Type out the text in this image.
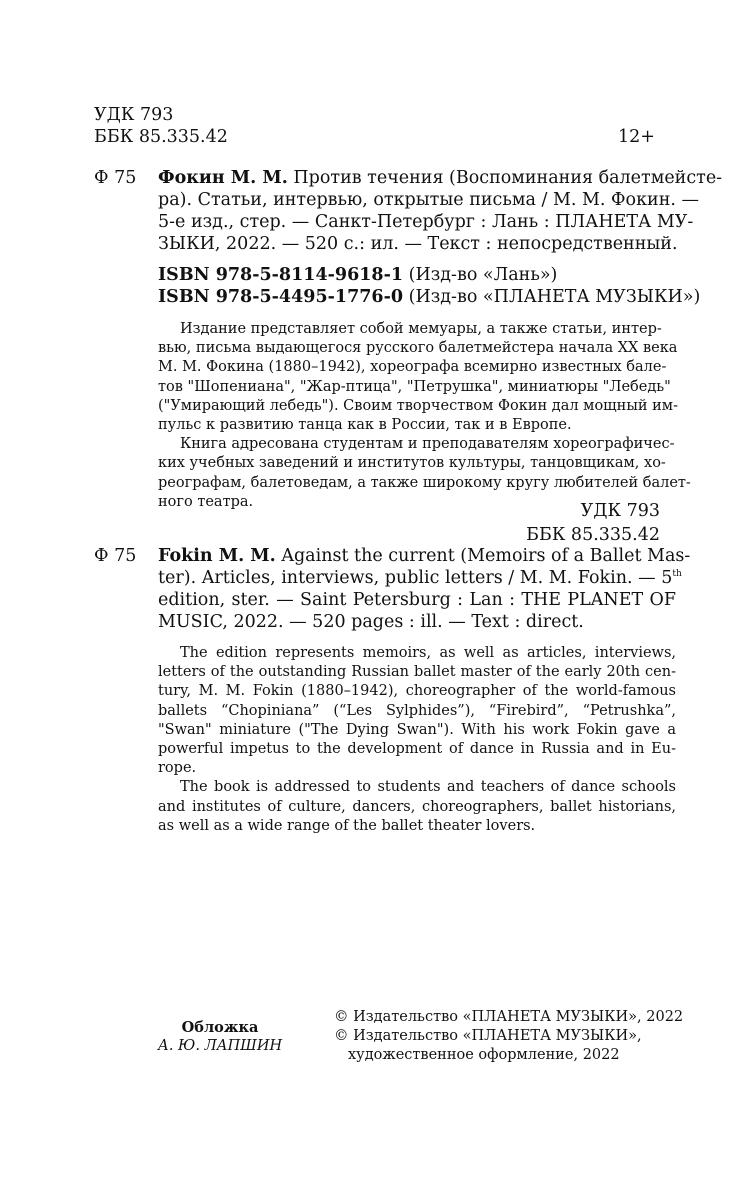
УДК 793
ББК 85.335.42	12+
Ф 75 Фокин М. М. Против течения (Воспоминания балетмейсте-
ра). Статьи, интервью, открытые письма / М. М. Фокин. —
5-е изд., стер. — Санкт-Петербург : Лань : ПЛАНЕТА МУ-
ЗЫКИ, 2022. — 520 с.: ил. — Текст : непосредственный.
ISBN 978-5-8114-9618-1 (Изд-во «Лань»)
ISBN 978-5-4495-1776-0 (Изд-во «ПЛАНЕТА МУЗЫКИ»)
Издание представляет собой мемуары, а также статьи, интер-
вью, письма выдающегося русского балетмейстера начала XX века
М. М. Фокина (1880–1942), хореографа всемирно известных балe-
тов "Шопениана", "Жар-птица", "Петрушка", миниатюры "Лебедь"
("Умирающий лебедь"). Своим творчеством Фокин дал мощный им-
пульс к развитию танца как в России, так и в Европе.
Книга адресована студентам и преподавателям хореографичес-
ких учебных заведений и институтов культуры, танцовщикам, хо-
реографам, балетоведам, а также широкому кругу любителей балет-
ного театра.	УДК 793
ББК 85.335.42
Ф 75 Fokin M. M. Against the current (Memoirs of a Ballet Mas-
ter). Articles, interviews, public letters / M. M. Fokin. — 5th
edition, ster. — Saint Petersburg : Lan : THE PLANET OF
MUSIC, 2022. — 520 pages : ill. — Text : direct.
The edition represents memoirs, as well as articles, interviews,
letters of the outstanding Russian ballet master of the early 20th cen-
tury, M. M. Fokin (1880–1942), choreographer of the world-famous
ballets “Chopiniana” (“Les Sylphides”), “Firebird”, “Petrushka”,
"Swan" miniature ("The Dying Swan"). With his work Fokin gave a
powerful impetus to the development of dance in Russia and in Eu-
rope.
The book is addressed to students and teachers of dance schools
and institutes of culture, dancers, choreographers, ballet historians,
as well as a wide range of the ballet theater lovers.
Обложка
А. Ю. ЛАПШИН
© Издательство «ПЛАНЕТА МУЗЫКИ», 2022
© Издательство «ПЛАНЕТА МУЗЫКИ»,
художественное оформление, 2022
